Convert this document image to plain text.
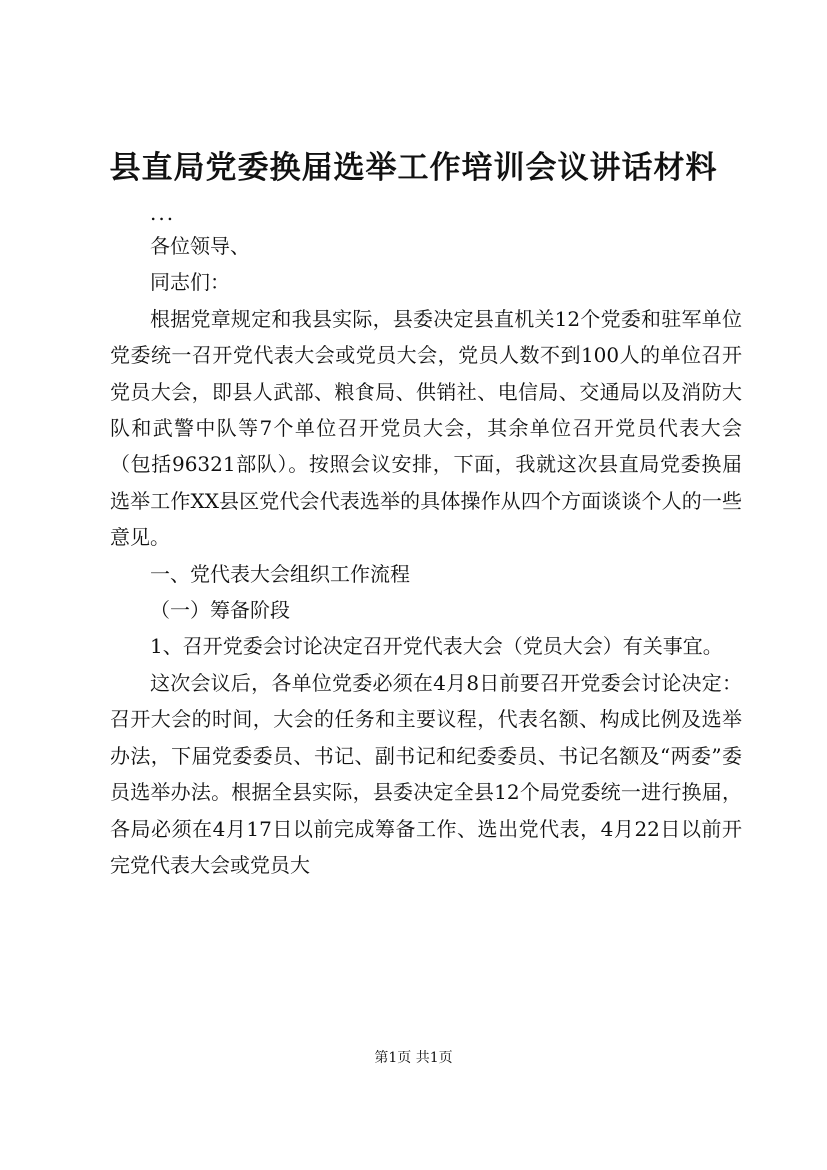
县直局党委换届选举工作培训会议讲话材料

...

各位领导、

同志们：

根据党章规定和我县实际，县委决定县直机关12个党委和驻军单位党委统一召开党代表大会或党员大会，党员人数不到100人的单位召开党员大会，即县人武部、粮食局、供销社、电信局、交通局以及消防大队和武警中队等7个单位召开党员大会，其余单位召开党员代表大会（包括96321部队）。按照会议安排，下面，我就这次县直局党委换届选举工作XX县区党代会代表选举的具体操作从四个方面谈谈个人的一些意见。

一、党代表大会组织工作流程

（一）筹备阶段

1、召开党委会讨论决定召开党代表大会（党员大会）有关事宜。

这次会议后，各单位党委必须在4月8日前要召开党委会讨论决定：召开大会的时间，大会的任务和主要议程，代表名额、构成比例及选举办法，下届党委委员、书记、副书记和纪委委员、书记名额及“两委”委员选举办法。根据全县实际，县委决定全县12个局党委统一进行换届，各局必须在4月17日以前完成筹备工作、选出党代表，4月22日以前开完党代表大会或党员大

第1页 共1页
